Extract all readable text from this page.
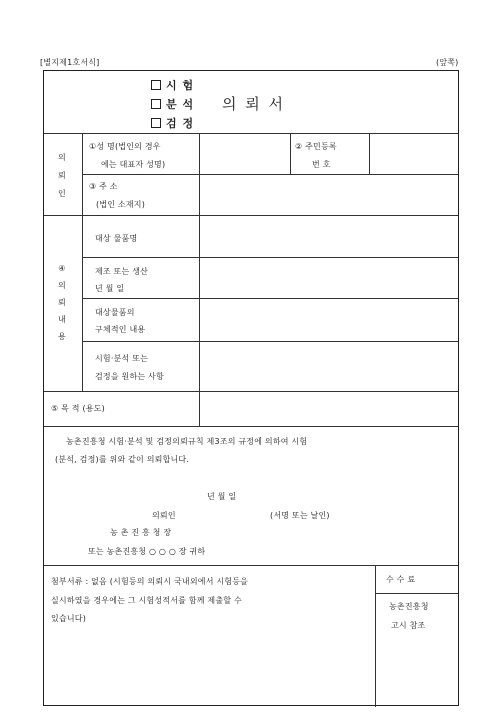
[별지제1호서식]	(앞쪽)
시 험
분 석
검 정
의 뢰 서
의
뢰
인
①성 명(법인의 경우
에는 대표자 성명)
② 주민등록
번 호
③ 주 소
(법인 소재지)
④
의
뢰
내
용
대상 물품명
제조 또는 생산
년 월 일
대상물품의
구체적인 내용
시험·분석 또는
검정을 원하는 사항
⑤ 목 적 (용도)
농촌진흥청 시험·분석 및 검정의뢰규칙 제3조의 규정에 의하여 시험
(분석, 검정)를 위와 같이 의뢰합니다.
년 월 일
의뢰인	(서명 또는 날인)
농 촌 진 흥 청 장
또는 농촌진흥청 ○ ○ ○ 장 귀하
첨부서류 : 없음 (시험등의 의뢰시 국내외에서 시험등을
실시하였을 경우에는 그 시험성적서를 함께 제출할 수
있습니다)
수 수 료
농촌진흥청
고시 참조
